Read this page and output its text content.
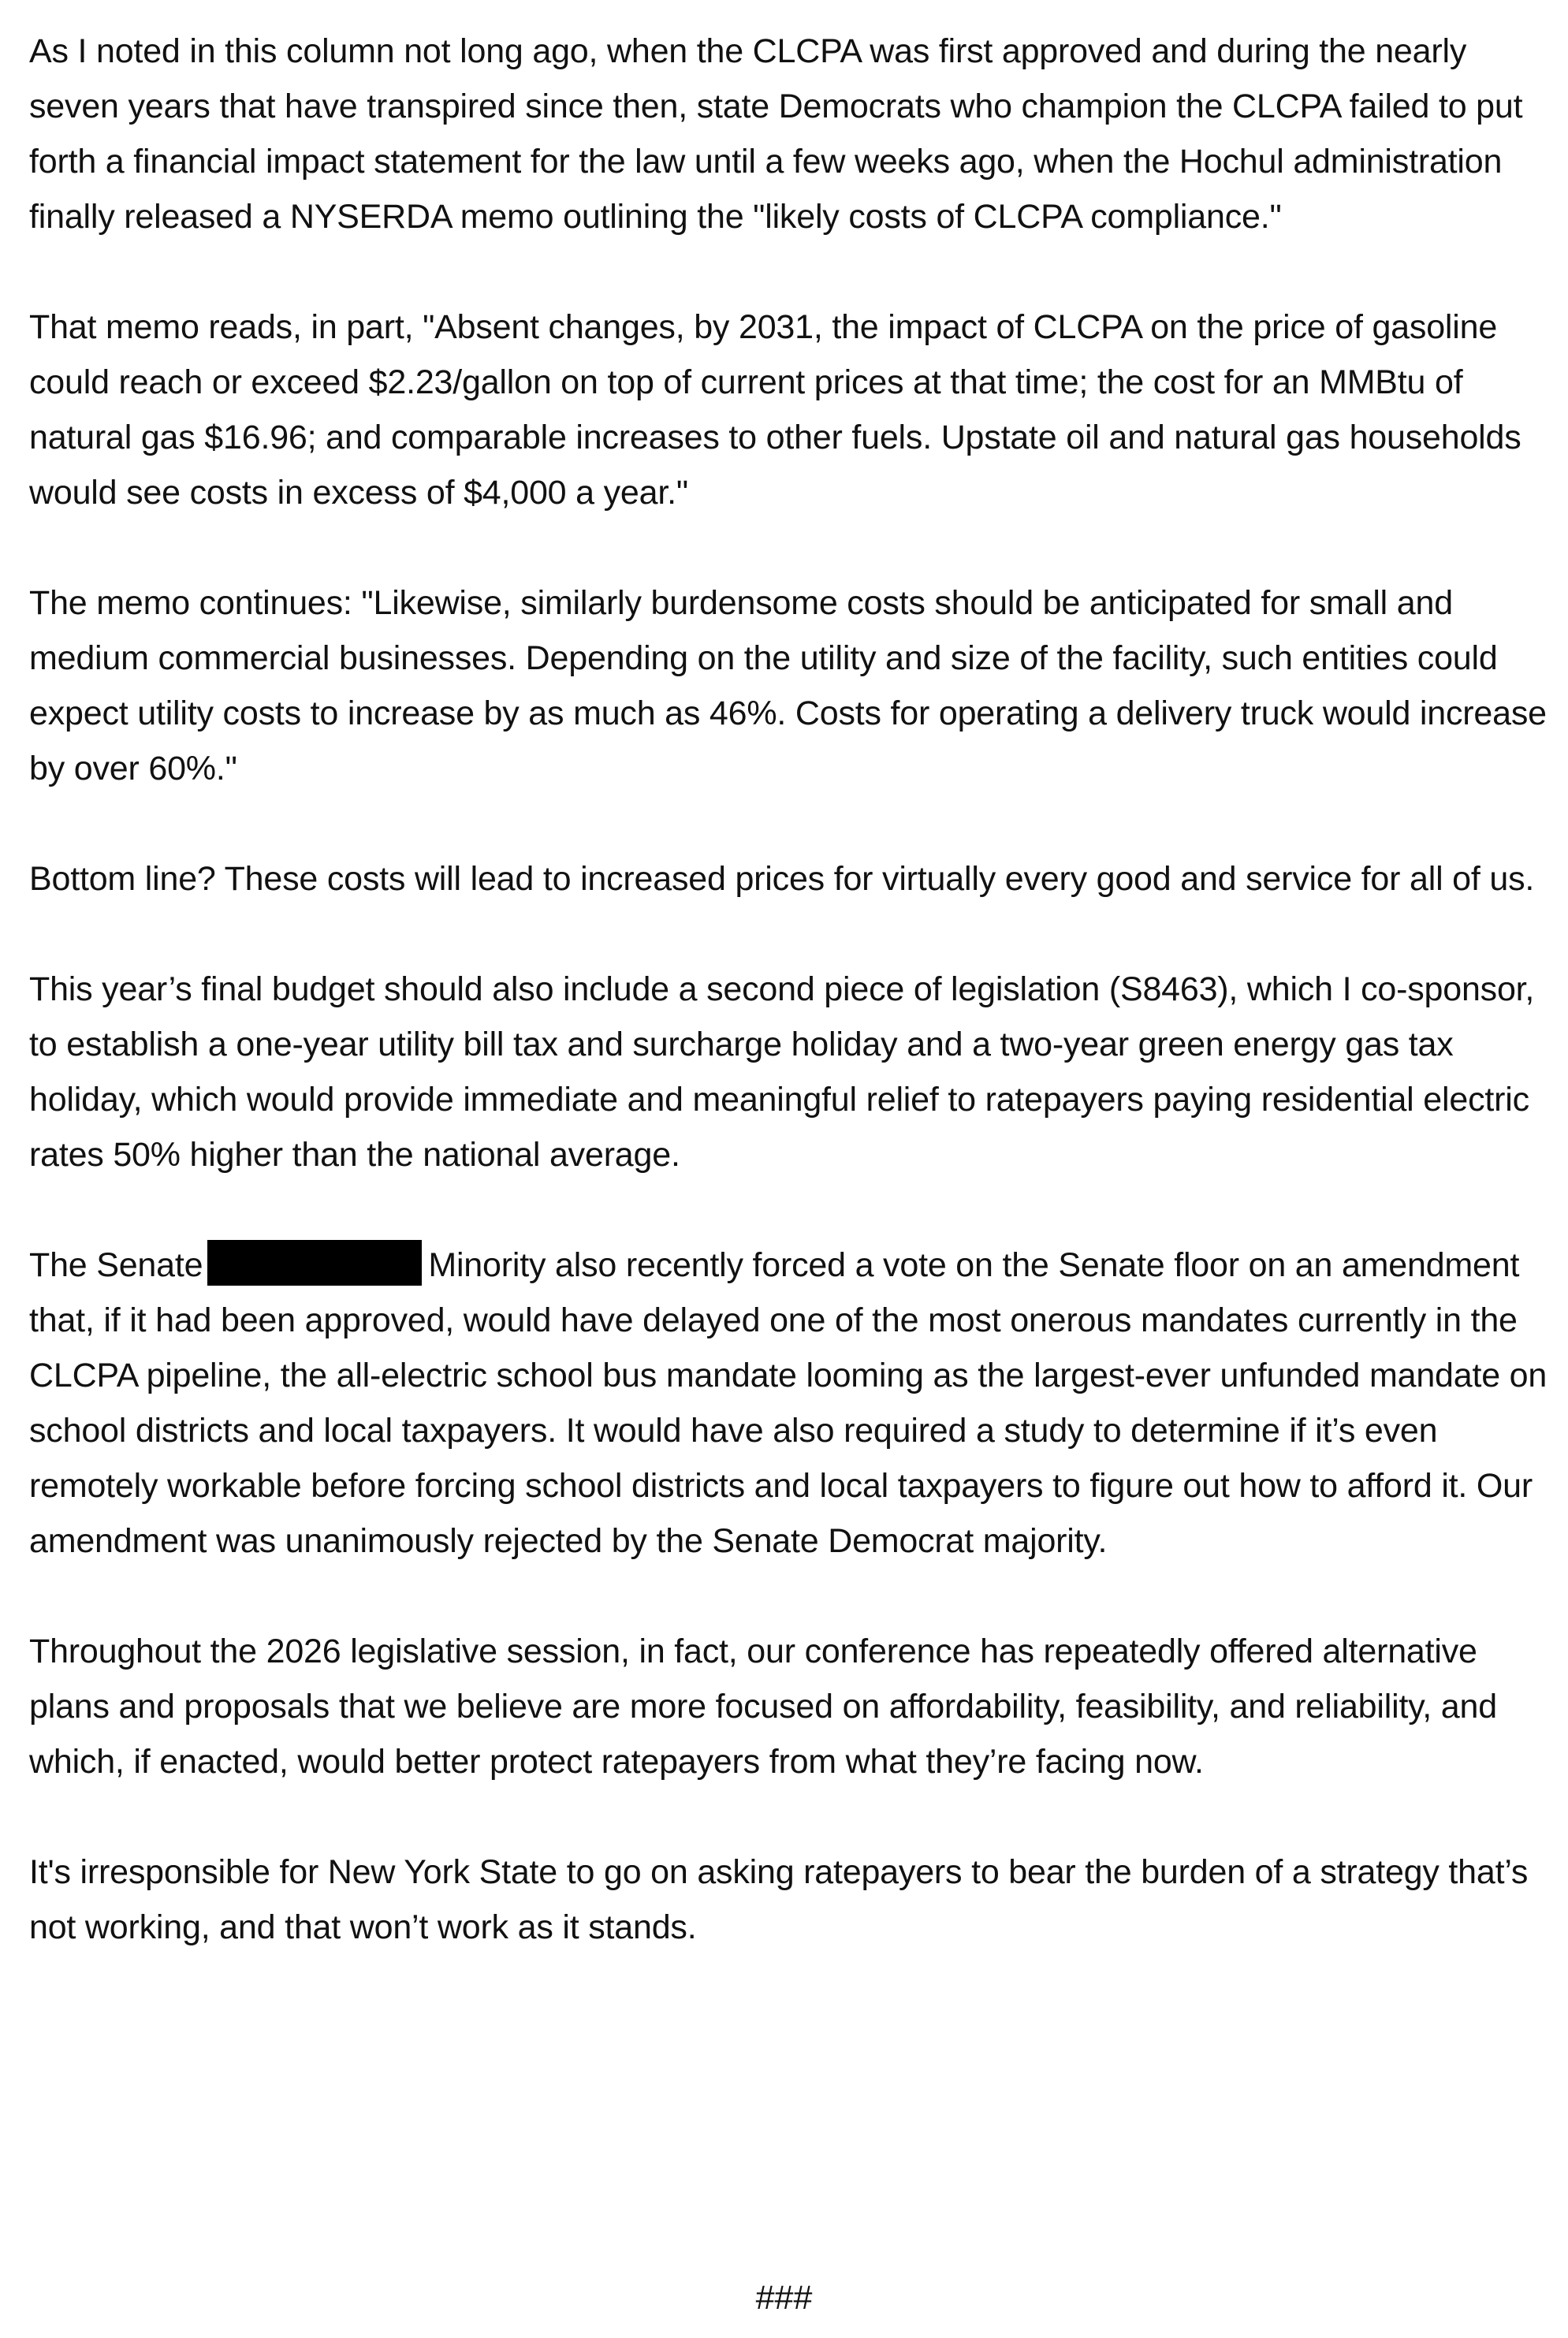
As I noted in this column not long ago, when the CLCPA was first approved and during the nearly seven years that have transpired since then, state Democrats who champion the CLCPA failed to put forth a financial impact statement for the law until a few weeks ago, when the Hochul administration finally released a NYSERDA memo outlining the "likely costs of CLCPA compliance."

That memo reads, in part, "Absent changes, by 2031, the impact of CLCPA on the price of gasoline could reach or exceed $2.23/gallon on top of current prices at that time; the cost for an MMBtu of natural gas $16.96; and comparable increases to other fuels. Upstate oil and natural gas households would see costs in excess of $4,000 a year."

The memo continues: "Likewise, similarly burdensome costs should be anticipated for small and medium commercial businesses. Depending on the utility and size of the facility, such entities could expect utility costs to increase by as much as 46%. Costs for operating a delivery truck would increase by over 60%."

Bottom line? These costs will lead to increased prices for virtually every good and service for all of us.

This year’s final budget should also include a second piece of legislation (S8463), which I co-sponsor, to establish a one-year utility bill tax and surcharge holiday and a two-year green energy gas tax holiday, which would provide immediate and meaningful relief to ratepayers paying residential electric rates 50% higher than the national average.

The Senate	Minority also recently forced a vote on the Senate floor on an amendment that, if it had been approved, would have delayed one of the most onerous mandates currently in the CLCPA pipeline, the all-electric school bus mandate looming as the largest-ever unfunded mandate on school districts and local taxpayers. It would have also required a study to determine if it’s even remotely workable before forcing school districts and local taxpayers to figure out how to afford it. Our amendment was unanimously rejected by the Senate Democrat majority.

Throughout the 2026 legislative session, in fact, our conference has repeatedly offered alternative plans and proposals that we believe are more focused on affordability, feasibility, and reliability, and which, if enacted, would better protect ratepayers from what they’re facing now.

It's irresponsible for New York State to go on asking ratepayers to bear the burden of a strategy that’s not working, and that won’t work as it stands.

###
